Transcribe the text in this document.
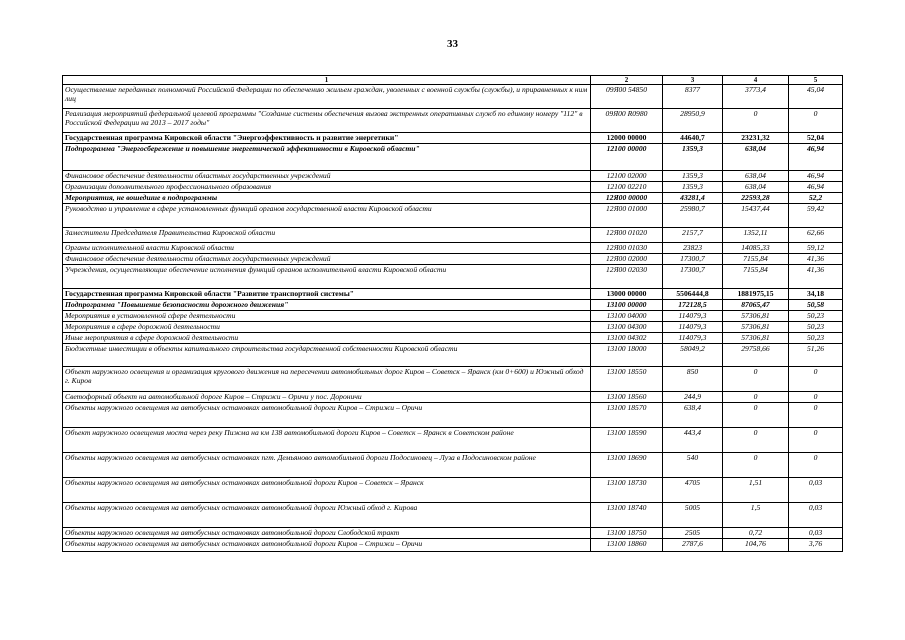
33
1	2	3	4	5
Осуществление переданных полномочий Российской Федерации по обеспечению жильем граждан, уволенных с военной службы (службы), и приравненных к ним лиц	09Я00 54850	8377	3773,4	45,04
Реализация мероприятий федеральной целевой программы "Создание системы обеспечения вызова экстренных оперативных служб по единому номеру "112" в Российской Федерации на 2013 – 2017 годы"	09Я00 R0980	28950,9	0	0
Государственная программа Кировской области "Энергоэффективность и развитие энергетики"	12000 00000	44640,7	23231,32	52,04
Подпрограмма "Энергосбережение и повышение энергетической эффективности в Кировской области"	12100 00000	1359,3	638,04	46,94
Финансовое обеспечение деятельности областных государственных учреждений	12100 02000	1359,3	638,04	46,94
Организации дополнительного профессионального образования	12100 02210	1359,3	638,04	46,94
Мероприятия, не вошедшие в подпрограммы	12Я00 00000	43281,4	22593,28	52,2
Руководство и управление в сфере установленных функций органов государственной власти Кировской области	12Я00 01000	25980,7	15437,44	59,42
Заместители Председателя Правительства Кировской области	12Я00 01020	2157,7	1352,11	62,66
Органы исполнительной власти Кировской области	12Я00 01030	23823	14085,33	59,12
Финансовое обеспечение деятельности областных государственных учреждений	12Я00 02000	17300,7	7155,84	41,36
Учреждения, осуществляющие обеспечение исполнения функций органов исполнительной власти Кировской области	12Я00 02030	17300,7	7155,84	41,36
Государственная программа Кировской области "Развитие транспортной системы"	13000 00000	5506444,8	1881975,15	34,18
Подпрограмма "Повышение безопасности дорожного движения"	13100 00000	172128,5	87065,47	50,58
Мероприятия в установленной сфере деятельности	13100 04000	114079,3	57306,81	50,23
Мероприятия в сфере дорожной деятельности	13100 04300	114079,3	57306,81	50,23
Иные мероприятия в сфере дорожной деятельности	13100 04302	114079,3	57306,81	50,23
Бюджетные инвестиции в объекты капитального строительства государственной собственности Кировской области	13100 18000	58049,2	29758,66	51,26
Объект наружного освещения и организация кругового движения на пересечении автомобильных дорог Киров – Советск – Яранск (км 0+600) и Южный обход г. Киров	13100 18550	850	0	0
Светофорный объект на автомобильной дороге Киров – Стрижи – Оричи у пос. Дороничи	13100 18560	244,9	0	0
Объекты наружного освещения на автобусных остановках автомобильной дороги Киров – Стрижи – Оричи	13100 18570	638,4	0	0
Объект наружного освещения моста через реку Пижма на км 138 автомобильной дороги Киров – Советск – Яранск в Советском районе	13100 18590	443,4	0	0
Объекты наружного освещения на автобусных остановках пгт. Демьяново автомобильной дороги Подосиновец – Луза в Подосиновском районе	13100 18690	540	0	0
Объекты наружного освещения на автобусных остановках автомобильной дороги Киров – Советск – Яранск	13100 18730	4705	1,51	0,03
Объекты наружного освещения на автобусных остановках автомобильной дороги Южный обход г. Кирова	13100 18740	5005	1,5	0,03
Объекты наружного освещения на автобусных остановках автомобильной дороги Слободской тракт	13100 18750	2505	0,72	0,03
Объекты наружного освещения на автобусных остановках автомобильной дороги Киров – Стрижи – Оричи	13100 18860	2787,6	104,76	3,76
